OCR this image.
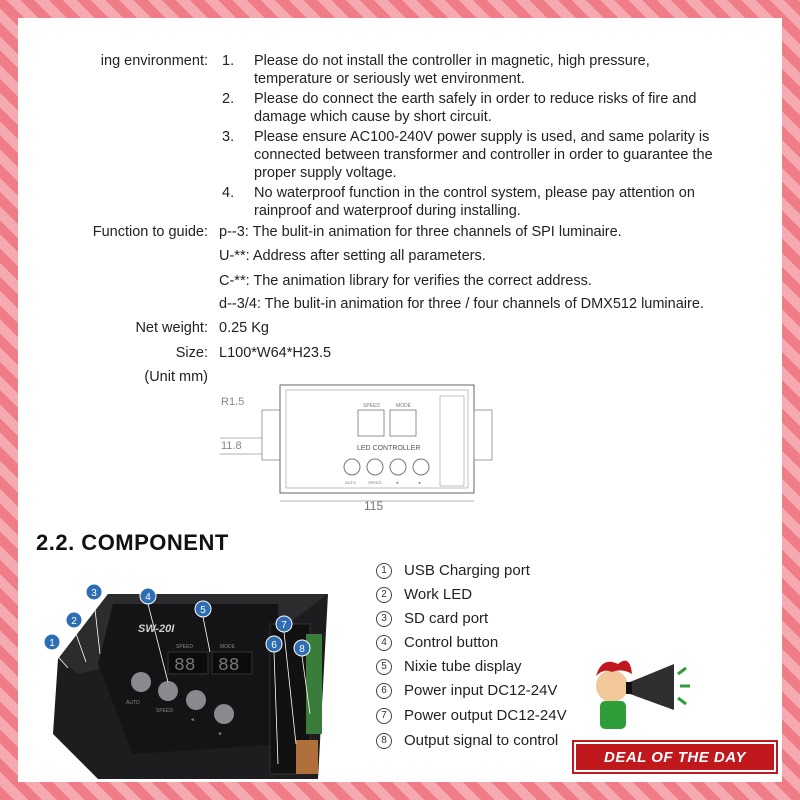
ing environment: 1.	Please do not install the controller in magnetic, high pressure,
temperature or seriously wet environment.
2.	Please do connect the earth safely in order to reduce risks of fire and
damage which cause by short circuit.
3.	Please ensure AC100-240V power supply is used, and same polarity is
connected between transformer and controller in order to guarantee the
proper supply voltage.
4.	No waterproof function in the control system, please pay attention on
rainproof and waterproof during installing.
Function to guide: p--3: The bulit-in animation for three channels of SPI luminaire.
U-**: Address after setting all parameters.
C-**: The animation library for verifies the correct address.
d--3/4: The bulit-in animation for three / four channels of DMX512 luminaire.
Net weight: 0.25 Kg
Size: L100*W64*H23.5
(Unit mm)
R1.5
11.8
SPEED	MODE
LED CONTROLLER
AUTO	SPEED	◄	►
115
2.2. COMPONENT
SW-20I
88 88
SPEED	MODE
AUTO
SPEED
◄
►
1
2
3	4
5
6
7
8
1	USB Charging port
2	Work LED
3	SD card port
4	Control button
5	Nixie tube display
6	Power input DC12-24V
7	Power output DC12-24V
8	Output signal to control
DEAL OF THE DAY
